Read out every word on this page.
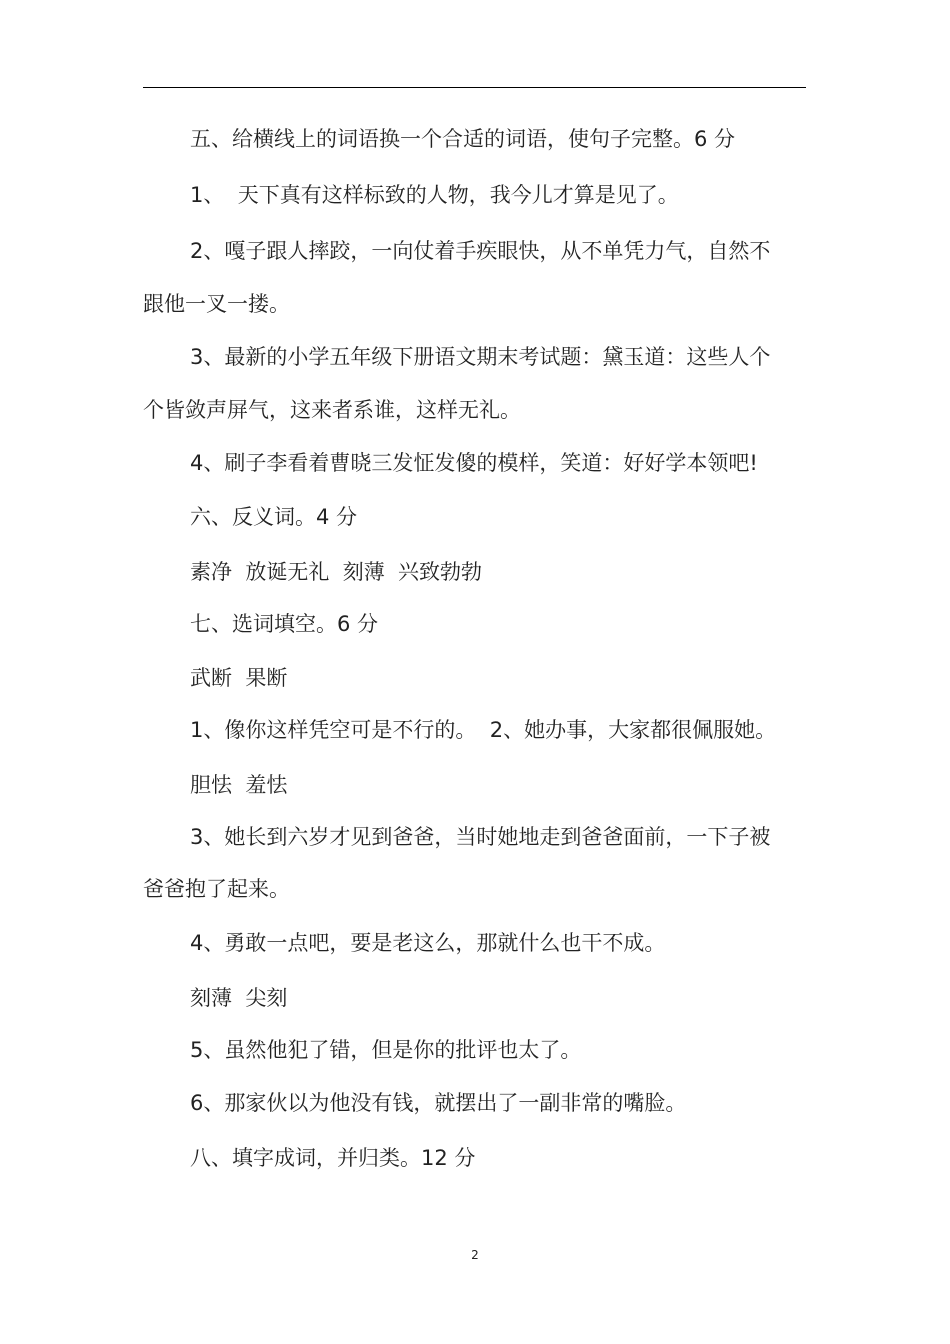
五、给横线上的词语换一个合适的词语，使句子完整。6 分
1、  天下真有这样标致的人物，我今儿才算是见了。
2、嘎子跟人摔跤，一向仗着手疾眼快，从不单凭力气，自然不
跟他一叉一搂。
3、最新的小学五年级下册语文期末考试题：黛玉道：这些人个
个皆敛声屏气，这来者系谁，这样无礼。
4、刷子李看着曹晓三发怔发傻的模样，笑道：好好学本领吧!
六、反义词。4 分
素净  放诞无礼  刻薄  兴致勃勃
七、选词填空。6 分
武断  果断
1、像你这样凭空可是不行的。  2、她办事，大家都很佩服她。
胆怯  羞怯
3、她长到六岁才见到爸爸，当时她地走到爸爸面前，一下子被
爸爸抱了起来。
4、勇敢一点吧，要是老这么，那就什么也干不成。
刻薄  尖刻
5、虽然他犯了错，但是你的批评也太了。
6、那家伙以为他没有钱，就摆出了一副非常的嘴脸。
八、填字成词，并归类。12 分
2
